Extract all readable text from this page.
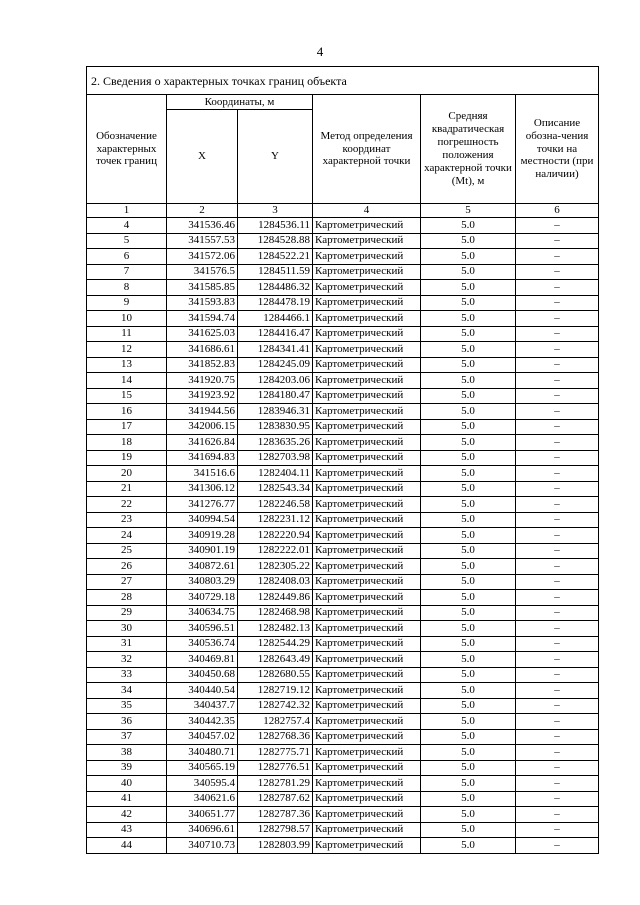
4
2. Сведения о характерных точках границ объекта					
Обозначение характерных точек границ	Координаты, м		Метод определения координат характерной точки	Средняя квадратическая погрешность положения характерной точки (Mt), м	Описание обозна-чения точки на местности (при наличии)
	X	Y			
1	2	3	4	5	6
4	341536.46	1284536.11	Картометрический	5.0	–
5	341557.53	1284528.88	Картометрический	5.0	–
6	341572.06	1284522.21	Картометрический	5.0	–
7	341576.5	1284511.59	Картометрический	5.0	–
8	341585.85	1284486.32	Картометрический	5.0	–
9	341593.83	1284478.19	Картометрический	5.0	–
10	341594.74	1284466.1	Картометрический	5.0	–
11	341625.03	1284416.47	Картометрический	5.0	–
12	341686.61	1284341.41	Картометрический	5.0	–
13	341852.83	1284245.09	Картометрический	5.0	–
14	341920.75	1284203.06	Картометрический	5.0	–
15	341923.92	1284180.47	Картометрический	5.0	–
16	341944.56	1283946.31	Картометрический	5.0	–
17	342006.15	1283830.95	Картометрический	5.0	–
18	341626.84	1283635.26	Картометрический	5.0	–
19	341694.83	1282703.98	Картометрический	5.0	–
20	341516.6	1282404.11	Картометрический	5.0	–
21	341306.12	1282543.34	Картометрический	5.0	–
22	341276.77	1282246.58	Картометрический	5.0	–
23	340994.54	1282231.12	Картометрический	5.0	–
24	340919.28	1282220.94	Картометрический	5.0	–
25	340901.19	1282222.01	Картометрический	5.0	–
26	340872.61	1282305.22	Картометрический	5.0	–
27	340803.29	1282408.03	Картометрический	5.0	–
28	340729.18	1282449.86	Картометрический	5.0	–
29	340634.75	1282468.98	Картометрический	5.0	–
30	340596.51	1282482.13	Картометрический	5.0	–
31	340536.74	1282544.29	Картометрический	5.0	–
32	340469.81	1282643.49	Картометрический	5.0	–
33	340450.68	1282680.55	Картометрический	5.0	–
34	340440.54	1282719.12	Картометрический	5.0	–
35	340437.7	1282742.32	Картометрический	5.0	–
36	340442.35	1282757.4	Картометрический	5.0	–
37	340457.02	1282768.36	Картометрический	5.0	–
38	340480.71	1282775.71	Картометрический	5.0	–
39	340565.19	1282776.51	Картометрический	5.0	–
40	340595.4	1282781.29	Картометрический	5.0	–
41	340621.6	1282787.62	Картометрический	5.0	–
42	340651.77	1282787.36	Картометрический	5.0	–
43	340696.61	1282798.57	Картометрический	5.0	–
44	340710.73	1282803.99	Картометрический	5.0	–
